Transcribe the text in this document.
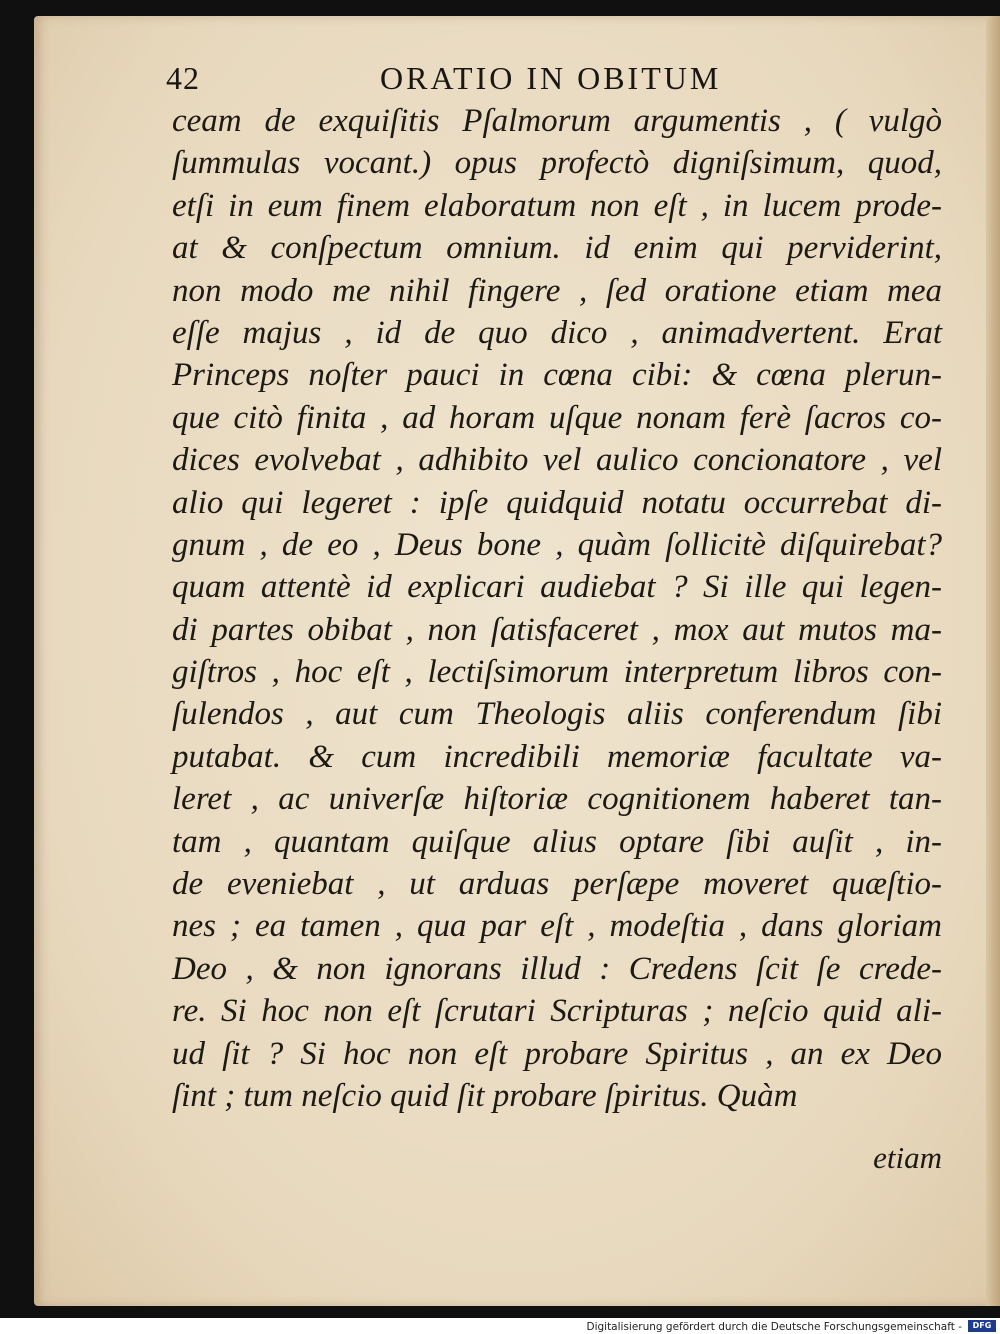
42	ORATIO IN OBITUM
ceam de exquiſitis Pſalmorum argumentis , ( vulgò
ſummulas vocant.) opus profectò digniſsimum, quod,
etſi in eum finem elaboratum non eſt , in lucem prode-
at & conſpectum omnium. id enim qui perviderint,
non modo me nihil fingere , ſed oratione etiam mea
eſſe majus , id de quo dico , animadvertent. Erat
Princeps noſter pauci in cœna cibi: & cœna plerun-
que citò finita , ad horam uſque nonam ferè ſacros co-
dices evolvebat , adhibito vel aulico concionatore , vel
alio qui legeret : ipſe quidquid notatu occurrebat di-
gnum , de eo , Deus bone , quàm ſollicitè diſquirebat?
quam attentè id explicari audiebat ? Si ille qui legen-
di partes obibat , non ſatisfaceret , mox aut mutos ma-
giſtros , hoc eſt , lectiſsimorum interpretum libros con-
ſulendos , aut cum Theologis aliis conferendum ſibi
putabat. & cum incredibili memoriæ facultate va-
leret , ac univerſæ hiſtoriæ cognitionem haberet tan-
tam , quantam quiſque alius optare ſibi auſit , in-
de eveniebat , ut arduas perſæpe moveret quæſtio-
nes ; ea tamen , qua par eſt , modeſtia , dans gloriam
Deo , & non ignorans illud : Credens ſcit ſe crede-
re. Si hoc non eſt ſcrutari Scripturas ; neſcio quid ali-
ud ſit ? Si hoc non eſt probare Spiritus , an ex Deo
ſint ; tum neſcio quid ſit probare ſpiritus. Quàm
etiam
Digitalisierung gefördert durch die Deutsche Forschungsgemeinschaft -	DFG
